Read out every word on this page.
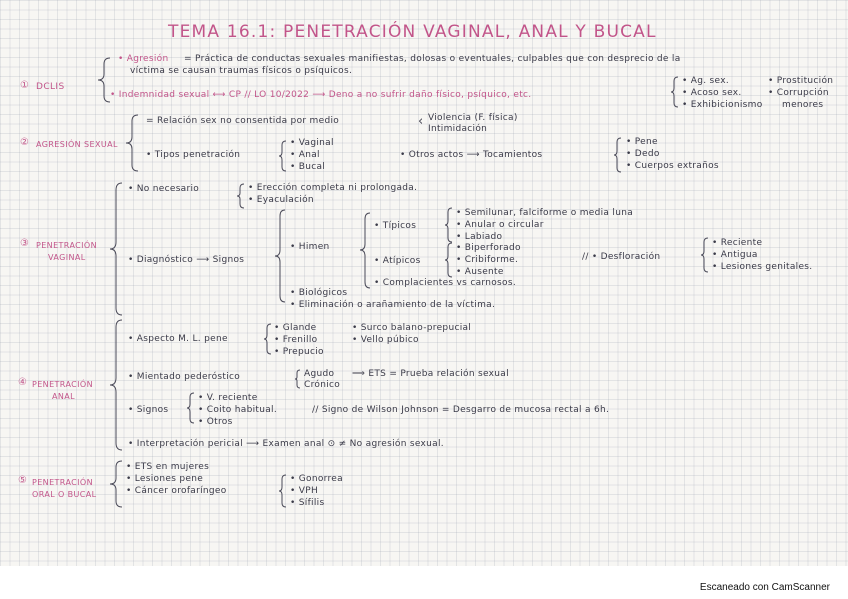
TEMA 16.1: PENETRACIÓN VAGINAL, ANAL Y BUCAL
① DCLIS
• Agresión = Práctica de conductas sexuales manifiestas, dolosas o eventuales, culpables que con desprecio de la
víctima se causan traumas físicos o psíquicos.
• Indemnidad sexual ⟷ CP // LO 10/2022 ⟶ Deno a no sufrir daño físico, psíquico, etc.
• Ag. sex.	• Prostitución
• Acoso sex.	• Corrupción
• Exhibicionismo menores
② AGRESIÓN SEXUAL
= Relación sex no consentida por medio	‹ Violencia (F. física)
Intimidación
• Tipos penetración
• Vaginal
• Anal
• Bucal
• Otros actos ⟶ Tocamientos
• Pene
• Dedo
• Cuerpos extraños
③ PENETRACIÓN
VAGINAL
• No necesario	• Erección completa ni prolongada.
• Eyaculación
• Diagnóstico ⟶ Signos
• Himen
• Típicos
• Semilunar, falciforme o media luna
• Anular o circular
• Labiado
• Atípicos
• Biperforado
• Cribiforme.
• Ausente
• Complacientes vs carnosos.
// • Desfloración
• Reciente
• Antigua
• Lesiones genitales.
• Biológicos
• Eliminación o arañamiento de la víctima.
④ PENETRACIÓN
ANAL
• Aspecto M. L. pene
• Glande
• Frenillo
• Prepucio
• Surco balano-prepucial
• Vello púbico
• Mientado pederóstico	Agudo
Crónico
⟹ ETS = Prueba relación sexual
• Signos
• V. reciente
• Coito habitual.
• Otros
// Signo de Wilson Johnson = Desgarro de mucosa rectal a 6h.
• Interpretación pericial ⟶ Examen anal ⊙ ≠ No agresión sexual.
⑤ PENETRACIÓN
ORAL O BUCAL
• ETS en mujeres
• Lesiones pene
• Cáncer orofaríngeo
• Gonorrea
• VPH
• Sífilis
Escaneado con CamScanner
